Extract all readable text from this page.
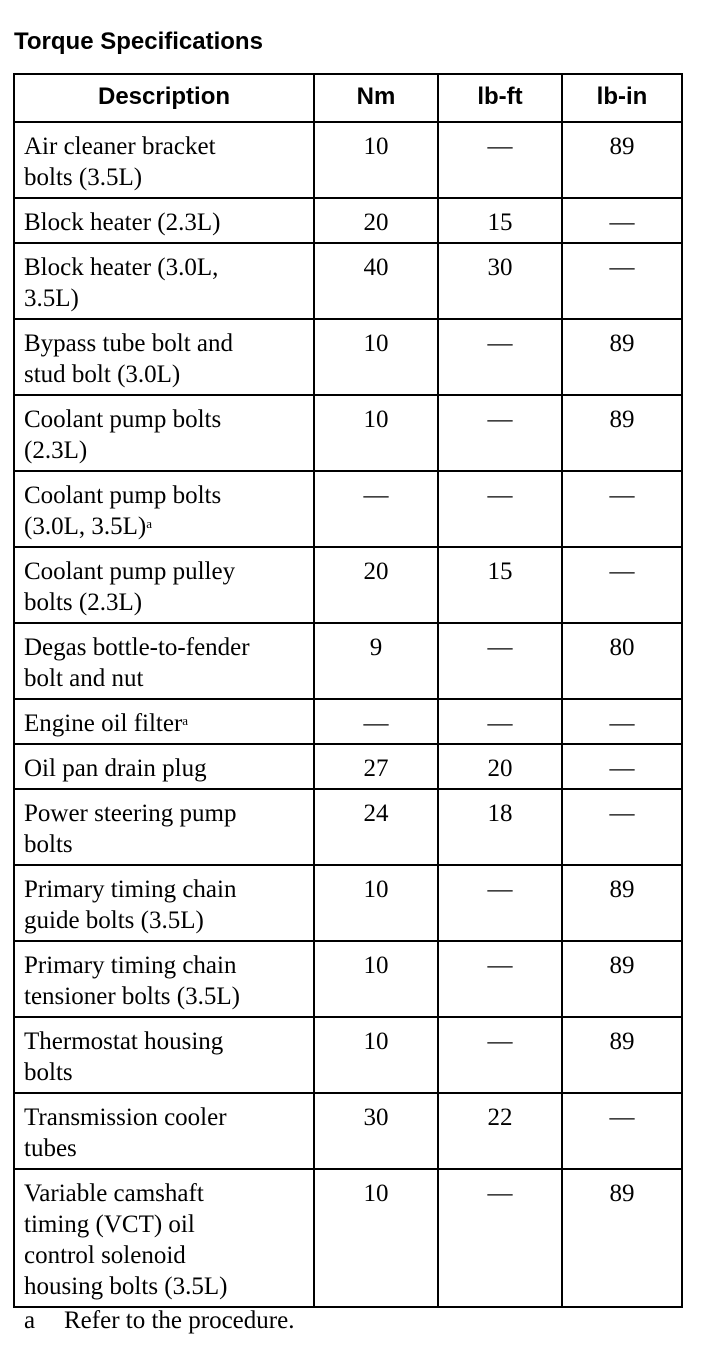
Torque Specifications
Description	Nm	lb-ft	lb-in
Air cleaner bracket
bolts (3.5L)	10	—	89
Block heater (2.3L)	20	15	—
Block heater (3.0L,
3.5L)	40	30	—
Bypass tube bolt and
stud bolt (3.0L)	10	—	89
Coolant pump bolts
(2.3L)	10	—	89
Coolant pump bolts
(3.0L, 3.5L)$^a$	—	—	—
Coolant pump pulley
bolts (2.3L)	20	15	—
Degas bottle-to-fender
bolt and nut	9	—	80
Engine oil filter$^a$	—	—	—
Oil pan drain plug	27	20	—
Power steering pump
bolts	24	18	—
Primary timing chain
guide bolts (3.5L)	10	—	89
Primary timing chain
tensioner bolts (3.5L)	10	—	89
Thermostat housing
bolts	10	—	89
Transmission cooler
tubes	30	22	—
Variable camshaft
timing (VCT) oil
control solenoid
housing bolts (3.5L)	10	—	89
a Refer to the procedure.
